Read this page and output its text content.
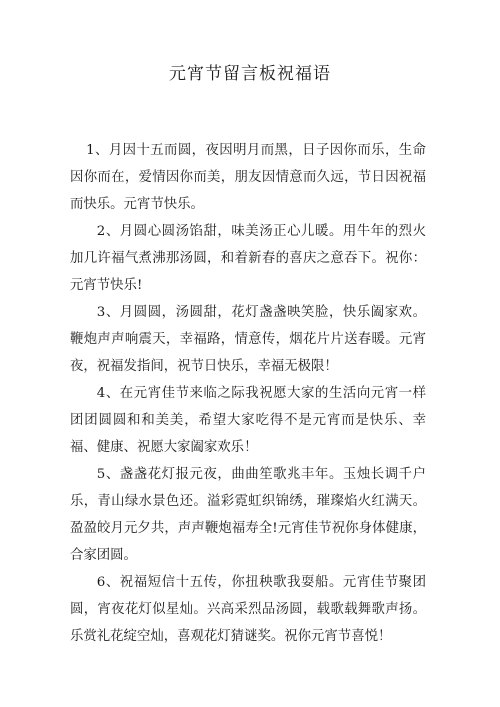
元宵节留言板祝福语

1、月因十五而圆，夜因明月而黑，日子因你而乐，生命因你而在，爱情因你而美，朋友因情意而久远，节日因祝福而快乐。元宵节快乐。

2、月圆心圆汤馅甜，味美汤正心儿暖。用牛年的烈火加几许福气煮沸那汤圆，和着新春的喜庆之意吞下。祝你：元宵节快乐!

3、月圆圆，汤圆甜，花灯盏盏映笑脸，快乐阖家欢。鞭炮声声响震天，幸福路，情意传，烟花片片送春暖。元宵夜，祝福发指间，祝节日快乐，幸福无极限！

4、在元宵佳节来临之际我祝愿大家的生活向元宵一样团团圆圆和和美美，希望大家吃得不是元宵而是快乐、幸福、健康、祝愿大家阖家欢乐！

5、盏盏花灯报元夜，曲曲笙歌兆丰年。玉烛长调千户乐，青山绿水景色还。溢彩霓虹织锦绣，璀璨焰火红满天。盈盈皎月元夕共，声声鞭炮福寿全!元宵佳节祝你身体健康，合家团圆。

6、祝福短信十五传，你扭秧歌我耍船。元宵佳节聚团圆，宵夜花灯似星灿。兴高采烈品汤圆，载歌载舞歌声扬。乐赏礼花绽空灿，喜观花灯猜谜奖。祝你元宵节喜悦！
